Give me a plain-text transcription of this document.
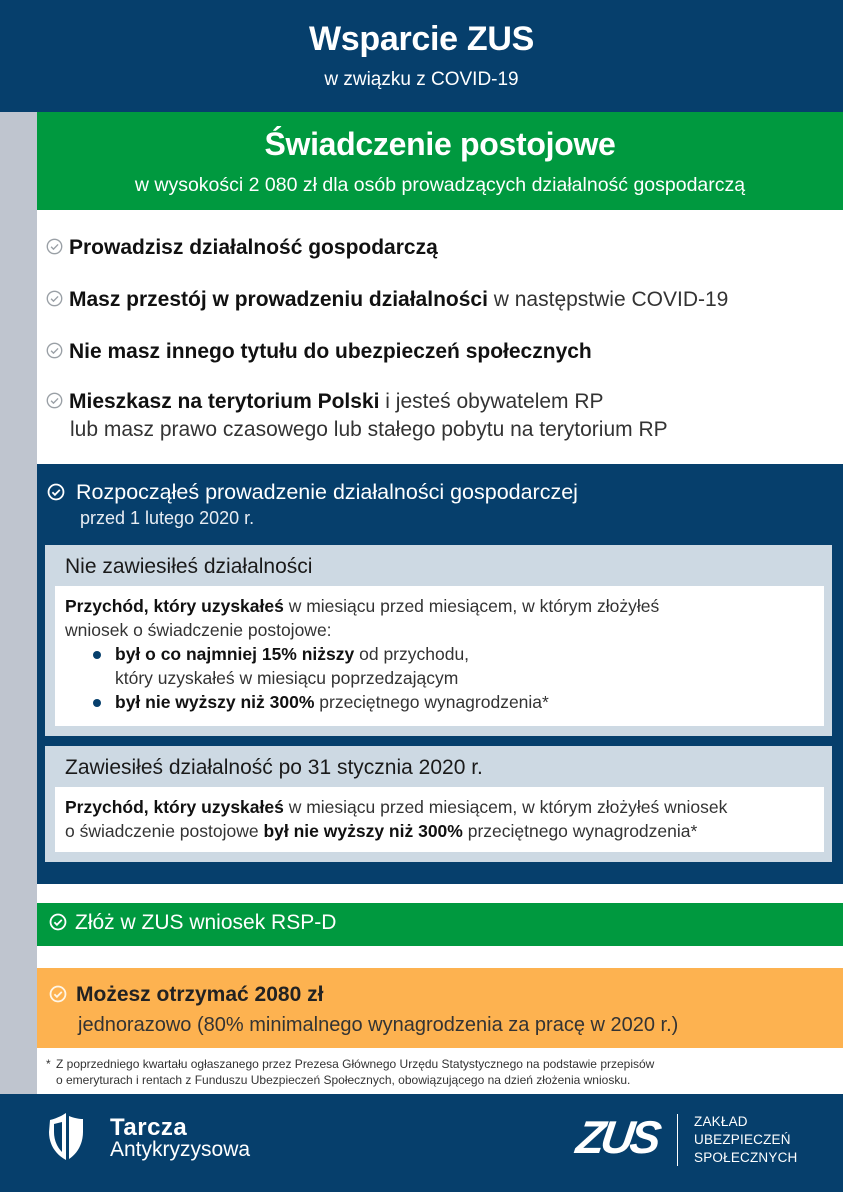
Wsparcie ZUS
w związku z COVID-19
Świadczenie postojowe
w wysokości 2 080 zł dla osób prowadzących działalność gospodarczą
Prowadzisz działalność gospodarczą
Masz przestój w prowadzeniu działalności w następstwie COVID-19
Nie masz innego tytułu do ubezpieczeń społecznych
Mieszkasz na terytorium Polski i jesteś obywatelem RP
lub masz prawo czasowego lub stałego pobytu na terytorium RP
Rozpocząłeś prowadzenie działalności gospodarczej
przed 1 lutego 2020 r.
Nie zawiesiłeś działalności
Przychód, który uzyskałeś w miesiącu przed miesiącem, w którym złożyłeś
wniosek o świadczenie postojowe:
był o co najmniej 15% niższy od przychodu,
który uzyskałeś w miesiącu poprzedzającym
był nie wyższy niż 300% przeciętnego wynagrodzenia*
Zawiesiłeś działalność po 31 stycznia 2020 r.
Przychód, który uzyskałeś w miesiącu przed miesiącem, w którym złożyłeś wniosek
o świadczenie postojowe był nie wyższy niż 300% przeciętnego wynagrodzenia*
Złóż w ZUS wniosek RSP-D
Możesz otrzymać 2080 zł
jednorazowo (80% minimalnego wynagrodzenia za pracę w 2020 r.)
* Z poprzedniego kwartału ogłaszanego przez Prezesa Głównego Urzędu Statystycznego na podstawie przepisów
o emeryturach i rentach z Funduszu Ubezpieczeń Społecznych, obowiązującego na dzień złożenia wniosku.
Tarcza
Antykryzysowa	ZUS ZAKŁAD
UBEZPIECZEŃ
SPOŁECZNYCH
